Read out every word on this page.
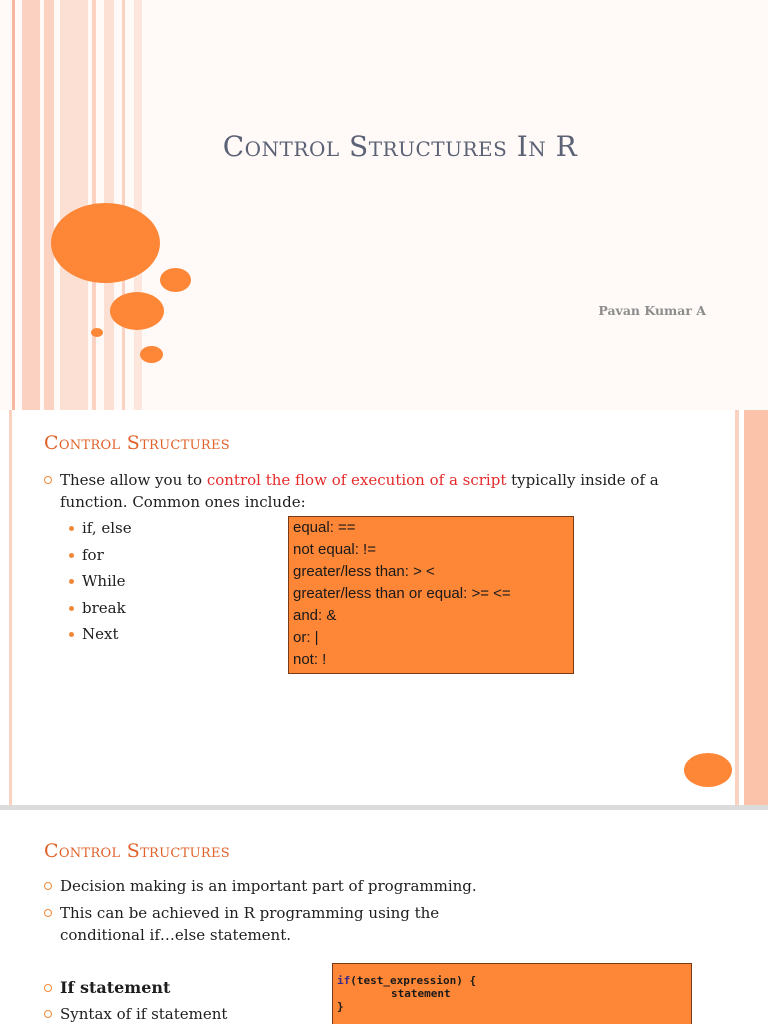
Control Structures In R
Pavan Kumar A
Control Structures
These allow you to control the flow of execution of a script typically inside of a
function. Common ones include:
if, else
for
While
break
Next
equal: ==
not equal: !=
greater/less than: > <
greater/less than or equal: >= <=
and: &
or: |
not: !
Control Structures
Decision making is an important part of programming.
This can be achieved in R programming using the
conditional if…else statement.
If statement
Syntax of if statement
if(test_expression) {
statement
}
